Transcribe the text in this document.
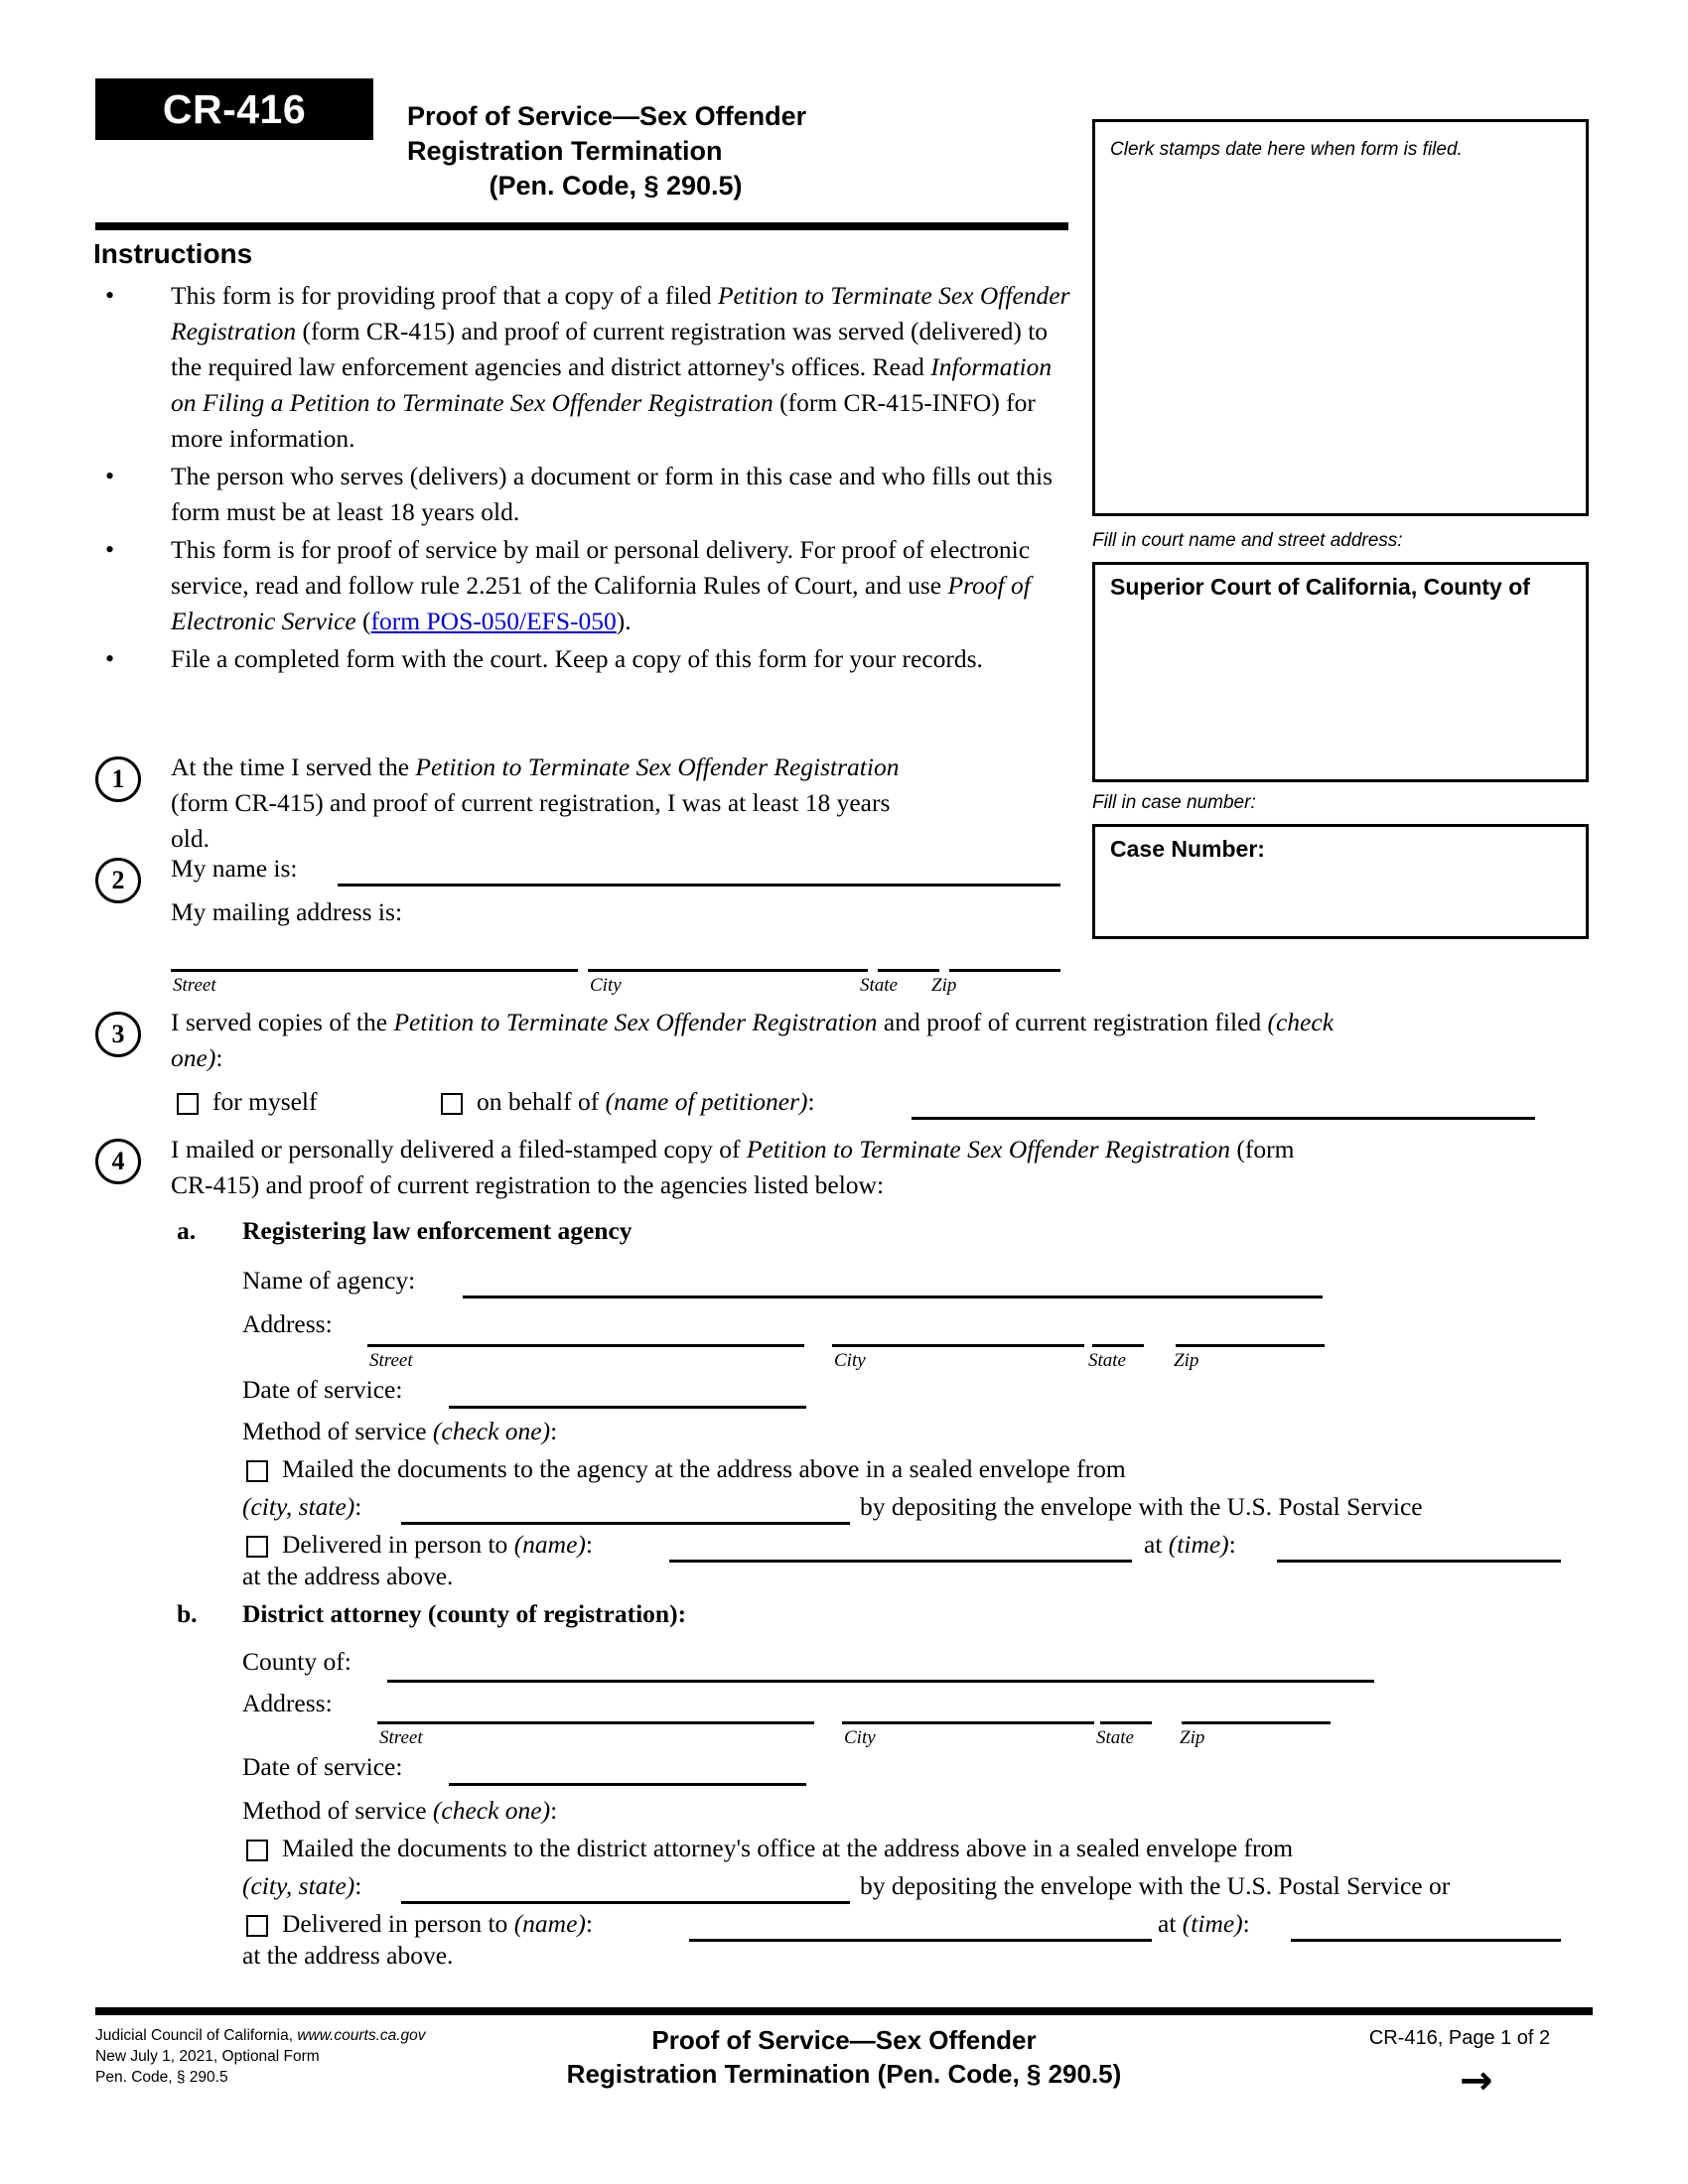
CR-416	Proof of Service—Sex Offender
Registration Termination
(Pen. Code, § 290.5)
Clerk stamps date here when form is filed.
Fill in court name and street address:
Superior Court of California, County of
Fill in case number:
Case Number:
Instructions
• This form is for providing proof that a copy of a filed Petition to Terminate Sex Offender Registration (form CR-415) and proof of current registration was served (delivered) to the required law enforcement agencies and district attorney's offices. Read Information on Filing a Petition to Terminate Sex Offender Registration (form CR-415-INFO) for more information.
• The person who serves (delivers) a document or form in this case and who fills out this form must be at least 18 years old.
• This form is for proof of service by mail or personal delivery. For proof of electronic service, read and follow rule 2.251 of the California Rules of Court, and use Proof of Electronic Service (form POS-050/EFS-050).
• File a completed form with the court. Keep a copy of this form for your records.
1	At the time I served the Petition to Terminate Sex Offender Registration
(form CR-415) and proof of current registration, I was at least 18 years
old.
2	My name is:
My mailing address is:
Street	City	State Zip
3	I served copies of the Petition to Terminate Sex Offender Registration and proof of current registration filed (check
one):
for myself	on behalf of (name of petitioner):
4	I mailed or personally delivered a filed-stamped copy of Petition to Terminate Sex Offender Registration (form
CR-415) and proof of current registration to the agencies listed below:
a. Registering law enforcement agency
Name of agency:
Address:
Street	City	State	Zip
Date of service:
Method of service (check one):
Mailed the documents to the agency at the address above in a sealed envelope from
(city, state):	by depositing the envelope with the U.S. Postal Service
Delivered in person to (name):	at (time):
at the address above.
b. District attorney (county of registration):
County of:
Address:
Street	City	State Zip
Date of service:
Method of service (check one):
Mailed the documents to the district attorney's office at the address above in a sealed envelope from
(city, state):	by depositing the envelope with the U.S. Postal Service or
Delivered in person to (name):	at (time):
at the address above.
Judicial Council of California, www.courts.ca.gov
New July 1, 2021, Optional Form
Pen. Code, § 290.5
Proof of Service—Sex Offender
Registration Termination (Pen. Code, § 290.5)
CR-416, Page 1 of 2
→
